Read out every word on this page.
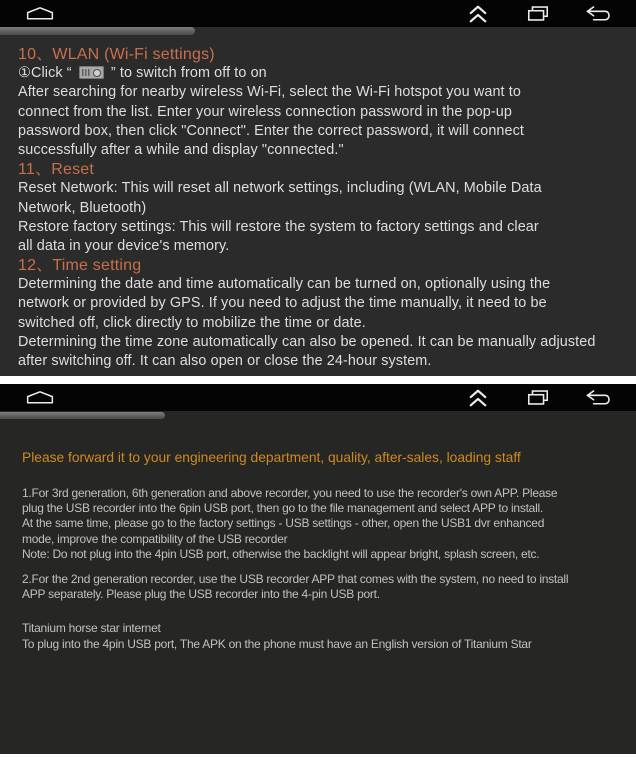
10、WLAN (Wi-Fi settings)
①Click “
” to switch from off to on
After searching for nearby wireless Wi-Fi, select the Wi-Fi hotspot you want to
connect from the list. Enter your wireless connection password in the pop-up
password box, then click "Connect". Enter the correct password, it will connect
successfully after a while and display "connected."
11、Reset
Reset Network: This will reset all network settings, including (WLAN, Mobile Data
Network, Bluetooth)
Restore factory settings: This will restore the system to factory settings and clear
all data in your device's memory.
12、Time setting
Determining the date and time automatically can be turned on, optionally using the
network or provided by GPS. If you need to adjust the time manually, it need to be
switched off, click directly to mobilize the time or date.
Determining the time zone automatically can also be opened. It can be manually adjusted
after switching off. It can also open or close the 24-hour system.
Please forward it to your engineering department, quality, after-sales, loading staff
1.For 3rd generation, 6th generation and above recorder, you need to use the recorder's own APP. Please
plug the USB recorder into the 6pin USB port, then go to the file management and select APP to install.
At the same time, please go to the factory settings - USB settings - other, open the USB1 dvr enhanced
mode, improve the compatibility of the USB recorder
Note: Do not plug into the 4pin USB port, otherwise the backlight will appear bright, splash screen, etc.
2.For the 2nd generation recorder, use the USB recorder APP that comes with the system, no need to install
APP separately. Please plug the USB recorder into the 4-pin USB port.
Titanium horse star internet
To plug into the 4pin USB port, The APK on the phone must have an English version of Titanium Star
